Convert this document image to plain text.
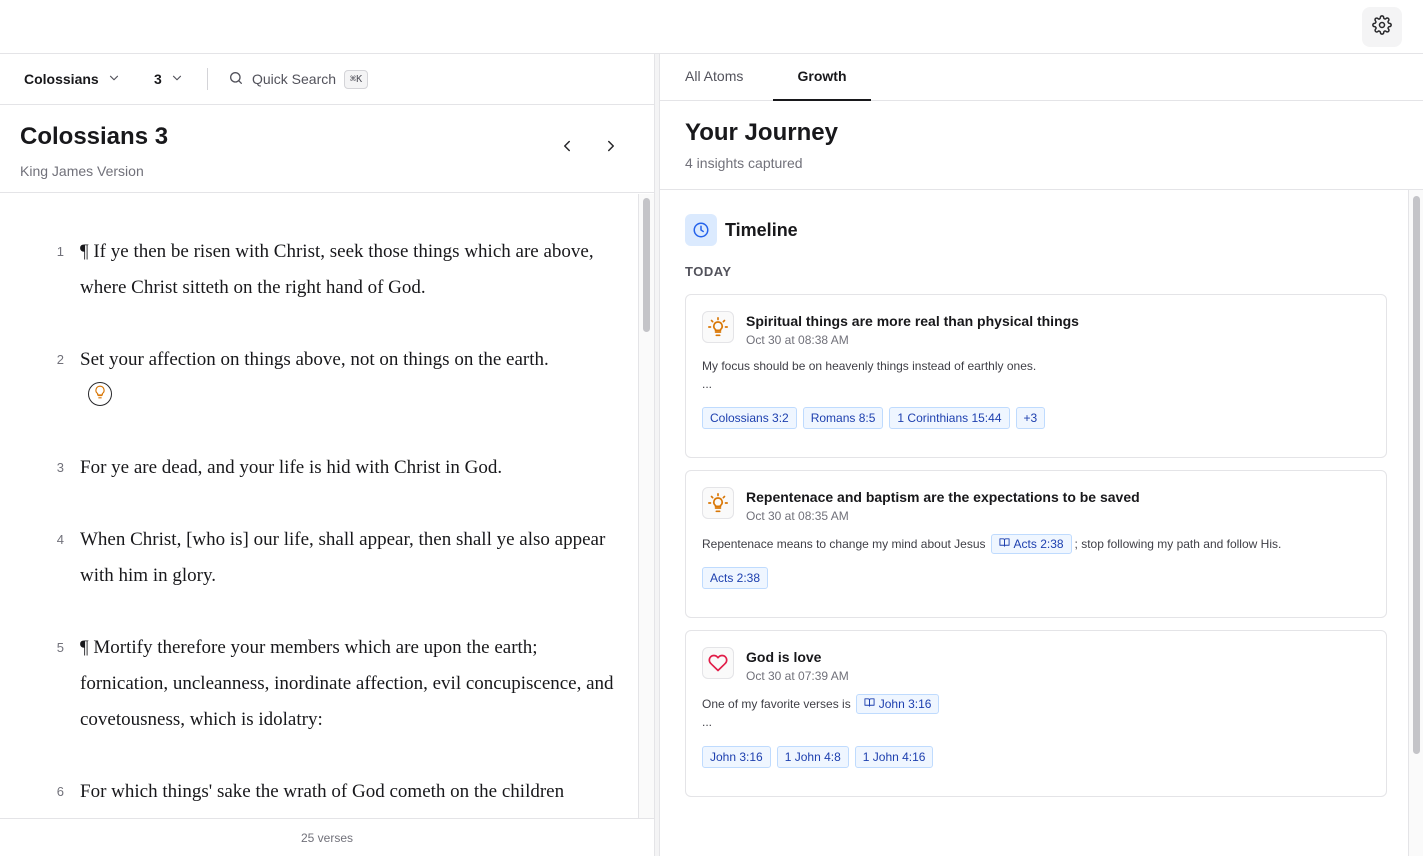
Colossians	3	Quick Search	⌘K
Colossians 3
King James Version
1 ¶ If ye then be risen with Christ, seek those things which are above, where Christ sitteth on the right hand of God.
2 Set your affection on things above, not on things on the earth.
3 For ye are dead, and your life is hid with Christ in God.
4 When Christ, [who is] our life, shall appear, then shall ye also appear with him in glory.
5 ¶ Mortify therefore your members which are upon the earth; fornication, uncleanness, inordinate affection, evil concupiscence, and covetousness, which is idolatry:
6 For which things' sake the wrath of God cometh on the children
25 verses
All Atoms	Growth
Your Journey
4 insights captured
Timeline
TODAY
Spiritual things are more real than physical things
Oct 30 at 08:38 AM
My focus should be on heavenly things instead of earthly ones.
...
Colossians 3:2	Romans 8:5	1 Corinthians 15:44	+3
Repentenace and baptism are the expectations to be saved
Oct 30 at 08:35 AM
Repentenace means to change my mind about Jesus Acts 2:38 ; stop following my path and follow His.
Acts 2:38
God is love
Oct 30 at 07:39 AM
One of my favorite verses is John 3:16
...
John 3:16	1 John 4:8	1 John 4:16
